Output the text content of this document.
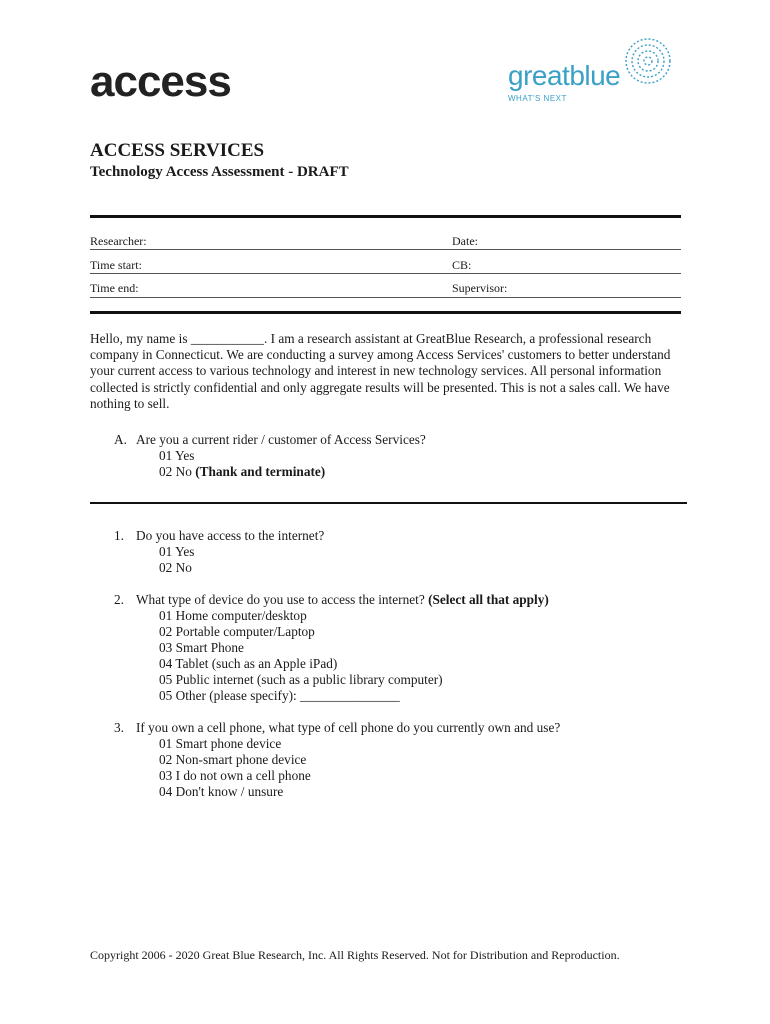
access	greatblue
WHAT'S NEXT
ACCESS SERVICES
Technology Access Assessment - DRAFT
Researcher:	Date:
Time start:	CB:
Time end:	Supervisor:
Hello, my name is ___________. I am a research assistant at GreatBlue Research, a professional research company in Connecticut. We are conducting a survey among Access Services' customers to better understand your current access to various technology and interest in new technology services. All personal information collected is strictly confidential and only aggregate results will be presented. This is not a sales call. We have nothing to sell.
A. Are you a current rider / customer of Access Services?
01 Yes
02 No (Thank and terminate)
1. Do you have access to the internet?
01 Yes
02 No
2. What type of device do you use to access the internet? (Select all that apply)
01 Home computer/desktop
02 Portable computer/Laptop
03 Smart Phone
04 Tablet (such as an Apple iPad)
05 Public internet (such as a public library computer)
05 Other (please specify): _______________
3. If you own a cell phone, what type of cell phone do you currently own and use?
01 Smart phone device
02 Non-smart phone device
03 I do not own a cell phone
04 Don't know / unsure
Copyright 2006 - 2020 Great Blue Research, Inc. All Rights Reserved. Not for Distribution and Reproduction.
